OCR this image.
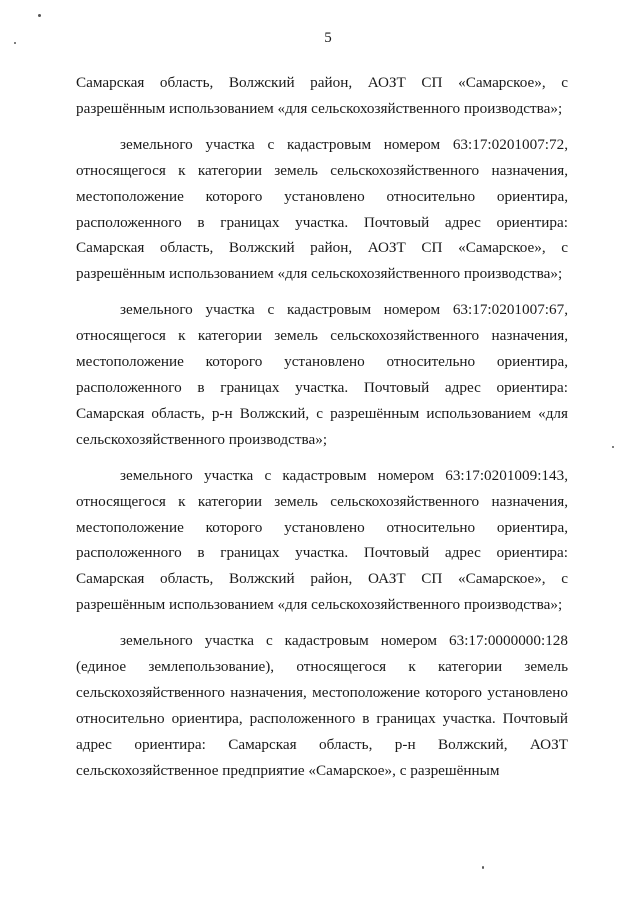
5

Самарская область, Волжский район, АОЗТ СП «Самарское», с разрешённым использованием «для сельскохозяйственного производства»;

земельного участка с кадастровым номером 63:17:0201007:72, относящегося к категории земель сельскохозяйственного назначения, местоположение которого установлено относительно ориентира, расположенного в границах участка. Почтовый адрес ориентира: Самарская область, Волжский район, АОЗТ СП «Самарское», с разрешённым использованием «для сельскохозяйственного производства»;

земельного участка с кадастровым номером 63:17:0201007:67, относящегося к категории земель сельскохозяйственного назначения, местоположение которого установлено относительно ориентира, расположенного в границах участка. Почтовый адрес ориентира: Самарская область, р-н Волжский, с разрешённым использованием «для сельскохозяйственного производства»;

земельного участка с кадастровым номером 63:17:0201009:143, относящегося к категории земель сельскохозяйственного назначения, местоположение которого установлено относительно ориентира, расположенного в границах участка. Почтовый адрес ориентира: Самарская область, Волжский район, ОАЗТ СП «Самарское», с разрешённым использованием «для сельскохозяйственного производства»;

земельного участка с кадастровым номером 63:17:0000000:128 (единое землепользование), относящегося к категории земель сельскохозяйственного назначения, местоположение которого установлено относительно ориентира, расположенного в границах участка. Почтовый адрес ориентира: Самарская область, р-н Волжский, АОЗТ сельскохозяйственное предприятие «Самарское», с разрешённым
